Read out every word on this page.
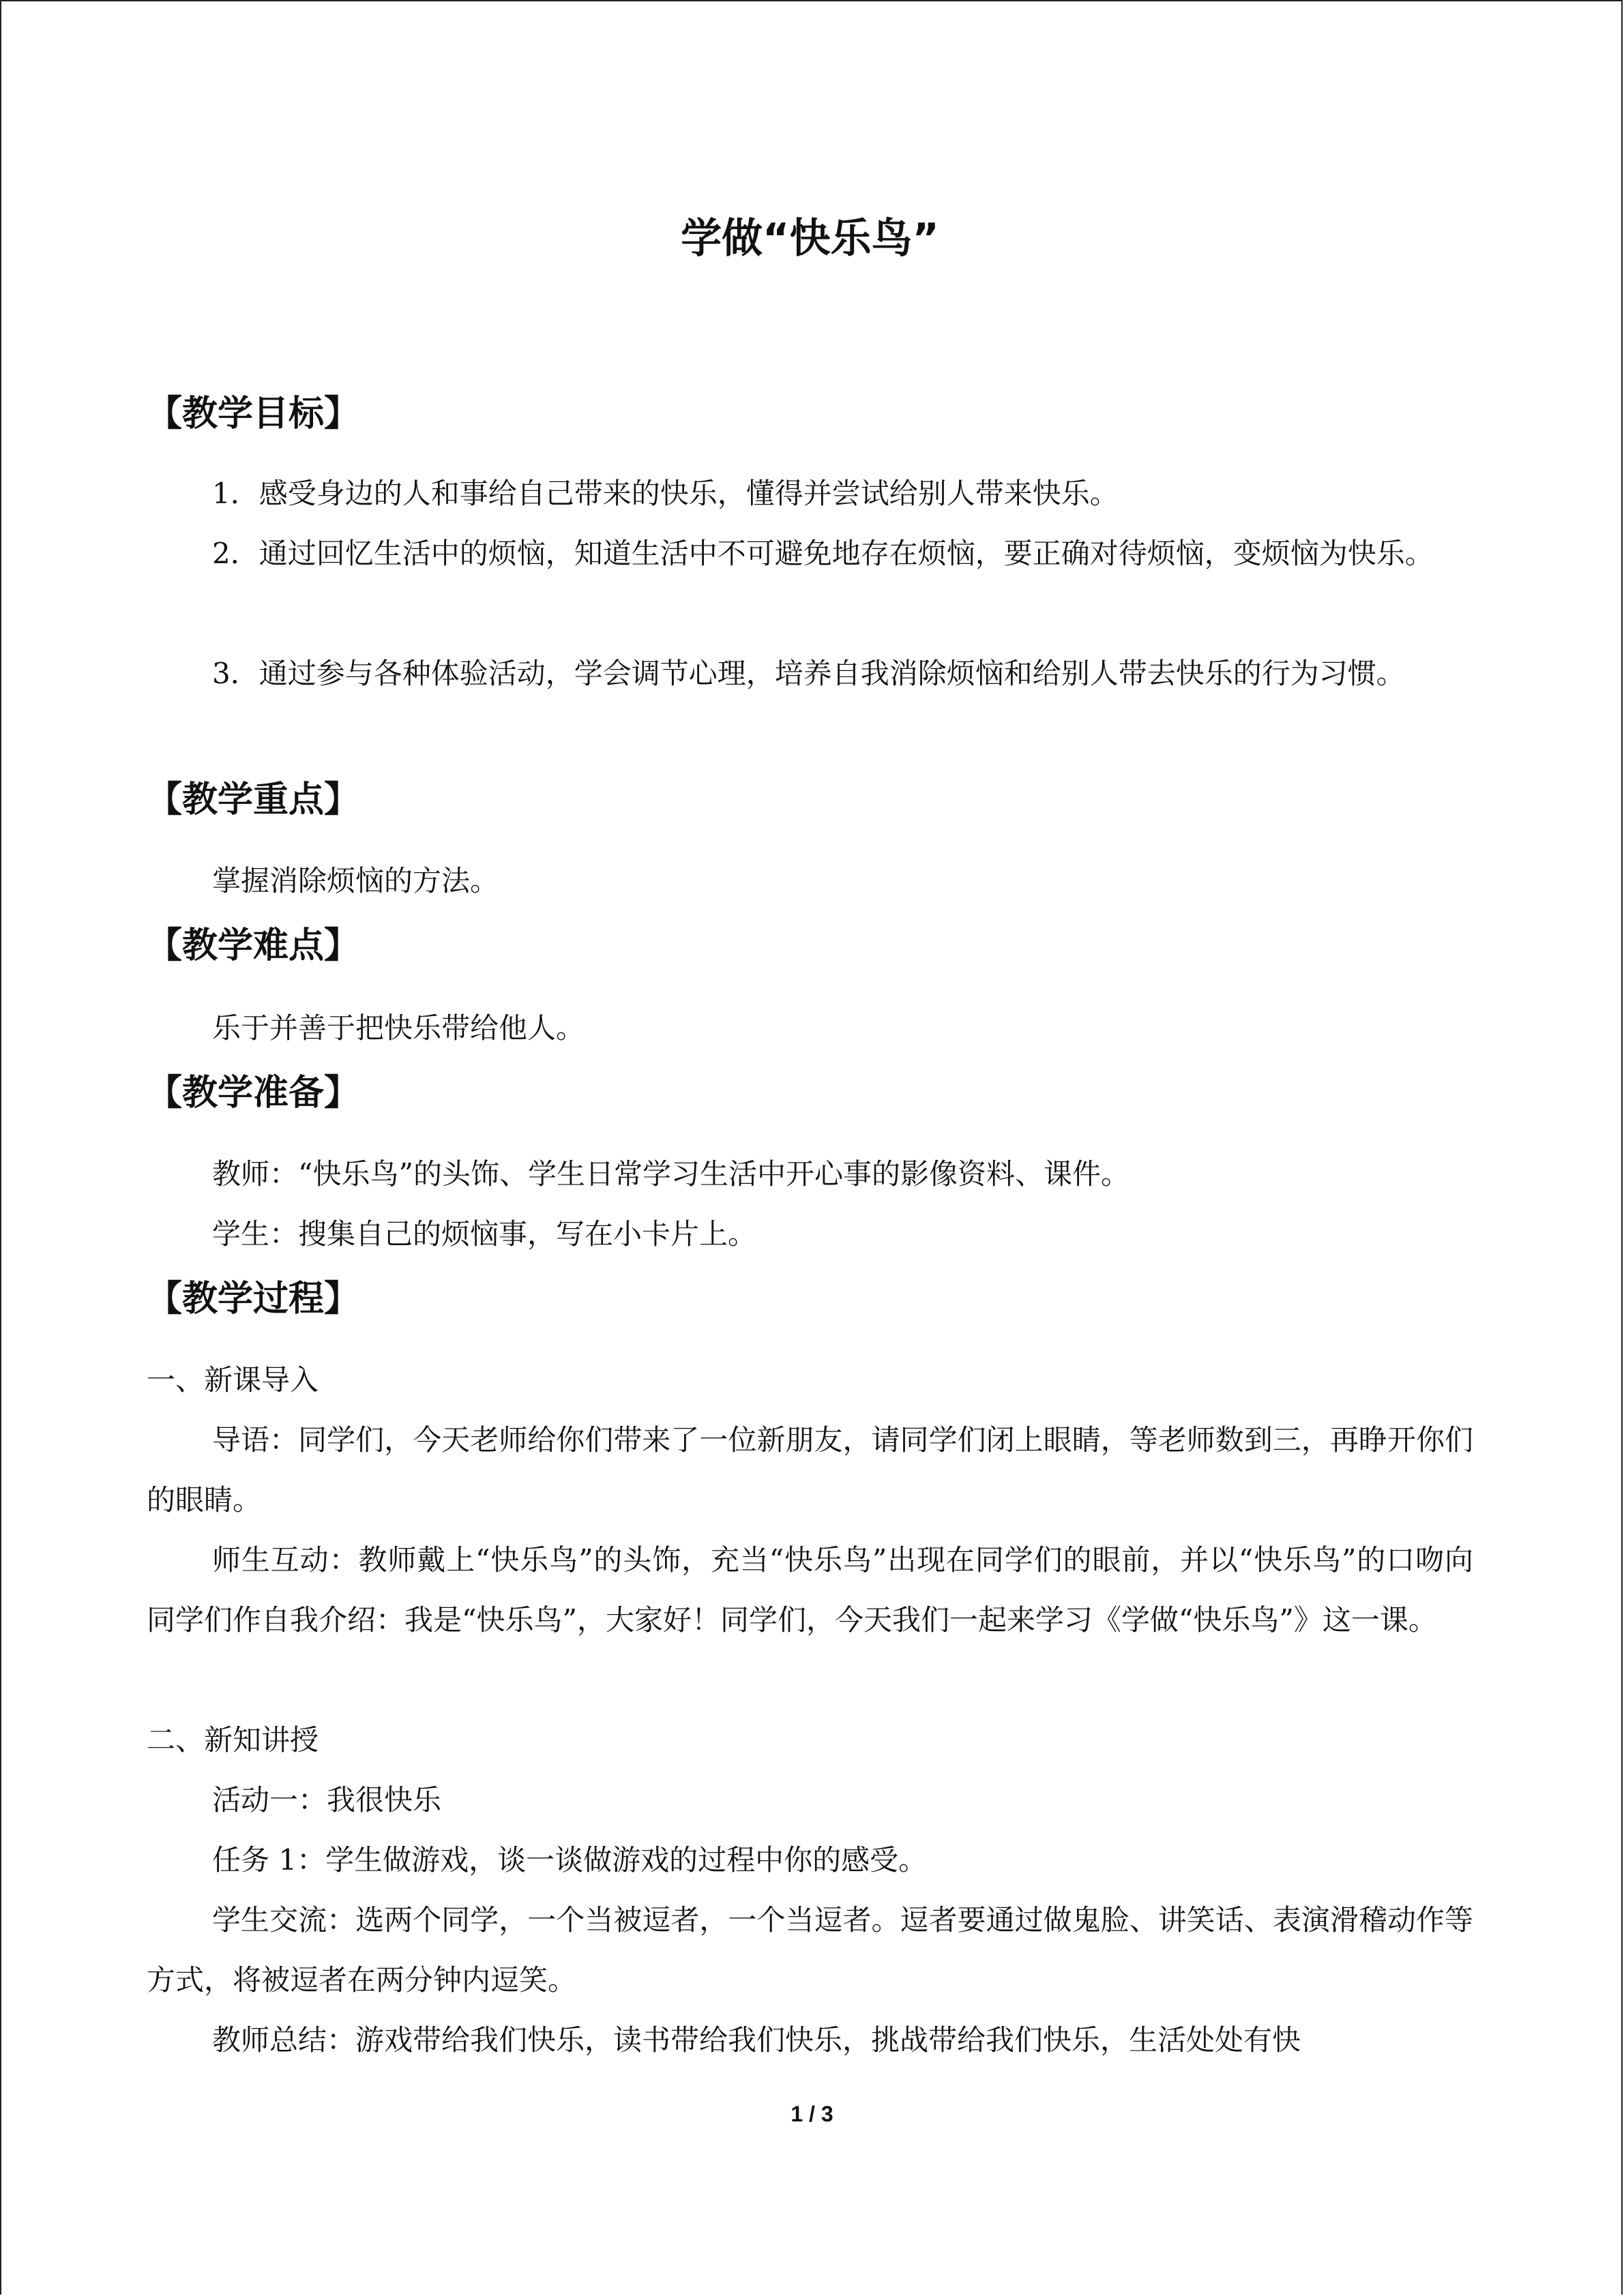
学做“快乐鸟”
【教学目标】

1．感受身边的人和事给自己带来的快乐，懂得并尝试给别人带来快乐。

2．通过回忆生活中的烦恼，知道生活中不可避免地存在烦恼，要正确对待烦恼，变烦恼为快乐。

3．通过参与各种体验活动，学会调节心理，培养自我消除烦恼和给别人带去快乐的行为习惯。

【教学重点】

掌握消除烦恼的方法。

【教学难点】

乐于并善于把快乐带给他人。

【教学准备】

教师：“快乐鸟”的头饰、学生日常学习生活中开心事的影像资料、课件。

学生：搜集自己的烦恼事，写在小卡片上。

【教学过程】

一、新课导入

导语：同学们，今天老师给你们带来了一位新朋友，请同学们闭上眼睛，等老师数到三，再睁开你们的眼睛。

师生互动：教师戴上“快乐鸟”的头饰，充当“快乐鸟”出现在同学们的眼前，并以“快乐鸟”的口吻向同学们作自我介绍：我是“快乐鸟”，大家好！同学们，今天我们一起来学习《学做“快乐鸟”》这一课。

二、新知讲授

活动一：我很快乐

任务 1：学生做游戏，谈一谈做游戏的过程中你的感受。

学生交流：选两个同学，一个当被逗者，一个当逗者。逗者要通过做鬼脸、讲笑话、表演滑稽动作等方式，将被逗者在两分钟内逗笑。

教师总结：游戏带给我们快乐，读书带给我们快乐，挑战带给我们快乐，生活处处有快

1 / 3
